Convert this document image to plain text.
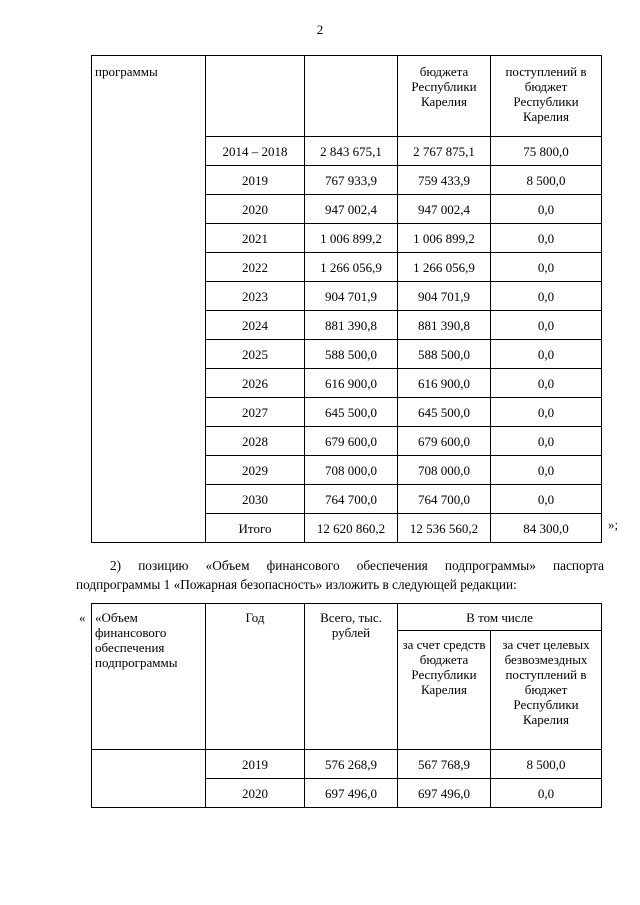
2
программы			бюджета Республики Карелия	поступлений в бюджет Республики Карелия
	2014 – 2018	2 843 675,1	2 767 875,1	75 800,0
	2019	767 933,9	759 433,9	8 500,0
	2020	947 002,4	947 002,4	0,0
	2021	1 006 899,2	1 006 899,2	0,0
	2022	1 266 056,9	1 266 056,9	0,0
	2023	904 701,9	904 701,9	0,0
	2024	881 390,8	881 390,8	0,0
	2025	588 500,0	588 500,0	0,0
	2026	616 900,0	616 900,0	0,0
	2027	645 500,0	645 500,0	0,0
	2028	679 600,0	679 600,0	0,0
	2029	708 000,0	708 000,0	0,0
	2030	764 700,0	764 700,0	0,0
	Итого	12 620 860,2	12 536 560,2	84 300,0	»;
2) позицию «Объем финансового обеспечения подпрограммы» паспорта
подпрограммы 1 «Пожарная безопасность» изложить в следующей редакции:
« «Объем финансового обеспечения подпрограммы	Год	Всего, тыс. рублей	В том числе	
			за счет средств бюджета Республики Карелия	за счет целевых безвозмездных поступлений в бюджет Республики Карелия
	2019	576 268,9	567 768,9	8 500,0
	2020	697 496,0	697 496,0	0,0
